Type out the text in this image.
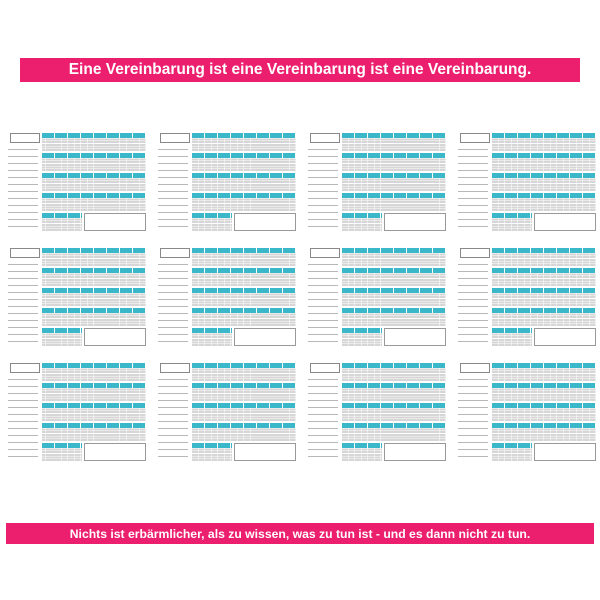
Eine Vereinbarung ist eine Vereinbarung ist eine Vereinbarung.
Nichts ist erbärmlicher, als zu wissen, was zu tun ist - und es dann nicht zu tun.
